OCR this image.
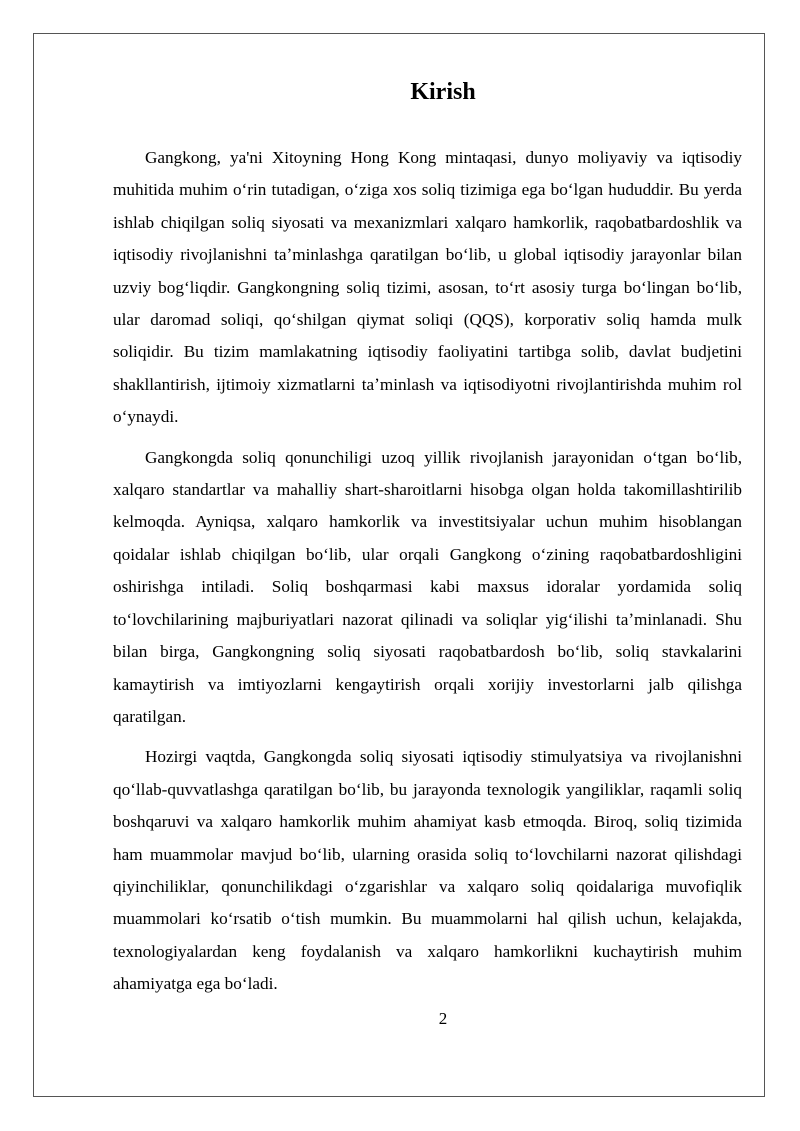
Kirish

Gangkong, ya'ni Xitoyning Hong Kong mintaqasi, dunyo moliyaviy va iqtisodiy muhitida muhim oʻrin tutadigan, oʻziga xos soliq tizimiga ega boʻlgan hududdir. Bu yerda ishlab chiqilgan soliq siyosati va mexanizmlari xalqaro hamkorlik, raqobatbardoshlik va iqtisodiy rivojlanishni taʼminlashga qaratilgan boʻlib, u global iqtisodiy jarayonlar bilan uzviy bogʻliqdir. Gangkongning soliq tizimi, asosan, toʻrt asosiy turga boʻlingan boʻlib, ular daromad soliqi, qoʻshilgan qiymat soliqi (QQS), korporativ soliq hamda mulk soliqidir. Bu tizim mamlakatning iqtisodiy faoliyatini tartibga solib, davlat budjetini shakllantirish, ijtimoiy xizmatlarni taʼminlash va iqtisodiyotni rivojlantirishda muhim rol oʻynaydi.

Gangkongda soliq qonunchiligi uzoq yillik rivojlanish jarayonidan oʻtgan boʻlib, xalqaro standartlar va mahalliy shart-sharoitlarni hisobga olgan holda takomillashtirilib kelmoqda. Ayniqsa, xalqaro hamkorlik va investitsiyalar uchun muhim hisoblangan qoidalar ishlab chiqilgan boʻlib, ular orqali Gangkong oʻzining raqobatbardoshligini oshirishga intiladi. Soliq boshqarmasi kabi maxsus idoralar yordamida soliq toʻlovchilarining majburiyatlari nazorat qilinadi va soliqlar yigʻilishi taʼminlanadi. Shu bilan birga, Gangkongning soliq siyosati raqobatbardosh boʻlib, soliq stavkalarini kamaytirish va imtiyozlarni kengaytirish orqali xorijiy investorlarni jalb qilishga qaratilgan.

Hozirgi vaqtda, Gangkongda soliq siyosati iqtisodiy stimulyatsiya va rivojlanishni qoʻllab-quvvatlashga qaratilgan boʻlib, bu jarayonda texnologik yangiliklar, raqamli soliq boshqaruvi va xalqaro hamkorlik muhim ahamiyat kasb etmoqda. Biroq, soliq tizimida ham muammolar mavjud boʻlib, ularning orasida soliq toʻlovchilarni nazorat qilishdagi qiyinchiliklar, qonunchilikdagi oʻzgarishlar va xalqaro soliq qoidalariga muvofiqlik muammolari koʻrsatib oʻtish mumkin. Bu muammolarni hal qilish uchun, kelajakda, texnologiyalardan keng foydalanish va xalqaro hamkorlikni kuchaytirish muhim ahamiyatga ega boʻladi.

2
